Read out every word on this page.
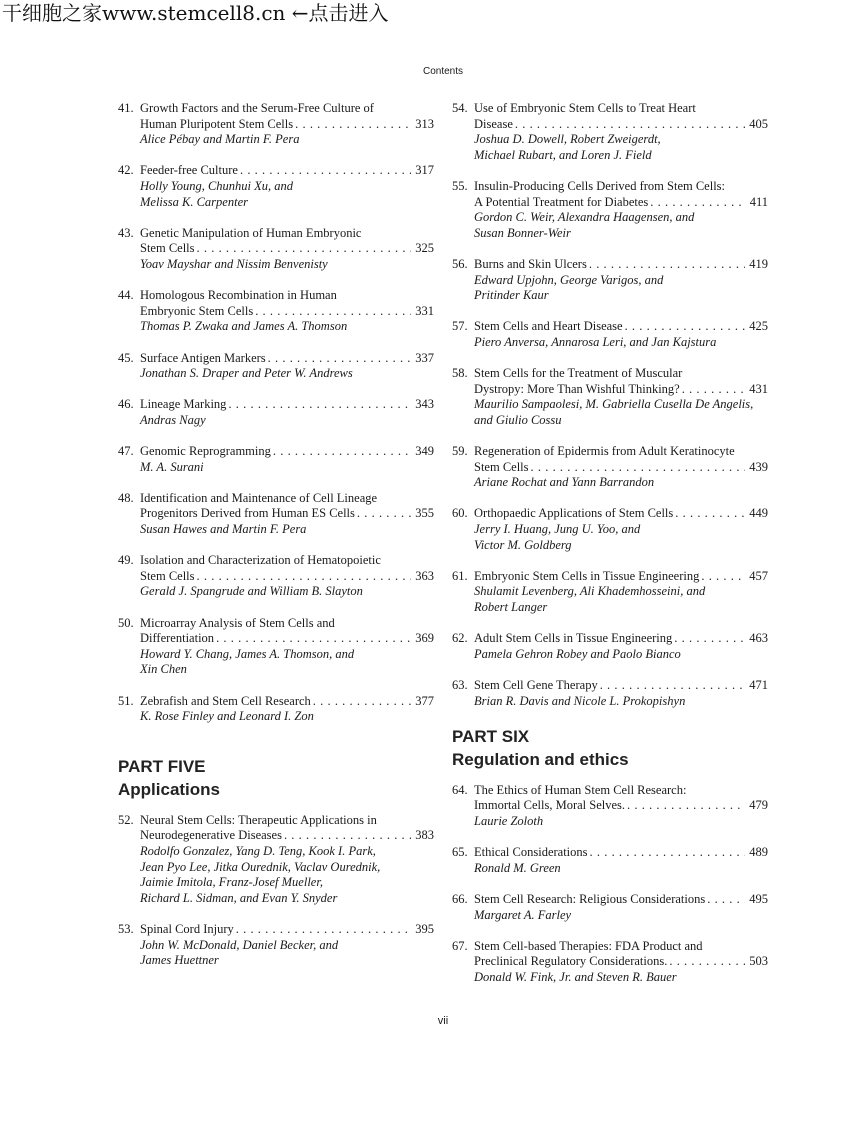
干细胞之家www.stemcell8.cn ←点击进入
Contents
41. Growth Factors and the Serum-Free Culture of
Human Pluripotent Stem Cells . . .	313
Alice Pébay and Martin F. Pera
42. Feeder-free Culture . . .	317
Holly Young, Chunhui Xu, and
Melissa K. Carpenter
43. Genetic Manipulation of Human Embryonic
Stem Cells . . .	325
Yoav Mayshar and Nissim Benvenisty
44. Homologous Recombination in Human
Embryonic Stem Cells . . .	331
Thomas P. Zwaka and James A. Thomson
45. Surface Antigen Markers . . .	337
Jonathan S. Draper and Peter W. Andrews
46. Lineage Marking . . .	343
Andras Nagy
47. Genomic Reprogramming . . .	349
M. A. Surani
48. Identification and Maintenance of Cell Lineage
Progenitors Derived from Human ES Cells . . .	355
Susan Hawes and Martin F. Pera
49. Isolation and Characterization of Hematopoietic
Stem Cells . . .	363
Gerald J. Spangrude and William B. Slayton
50. Microarray Analysis of Stem Cells and
Differentiation . . .	369
Howard Y. Chang, James A. Thomson, and
Xin Chen
51. Zebrafish and Stem Cell Research . . .	377
K. Rose Finley and Leonard I. Zon
PART FIVE
Applications
52. Neural Stem Cells: Therapeutic Applications in
Neurodegenerative Diseases . . .	383
Rodolfo Gonzalez, Yang D. Teng, Kook I. Park,
Jean Pyo Lee, Jitka Ourednik, Vaclav Ourednik,
Jaimie Imitola, Franz-Josef Mueller,
Richard L. Sidman, and Evan Y. Snyder
53. Spinal Cord Injury . . .	395
John W. McDonald, Daniel Becker, and
James Huettner
54. Use of Embryonic Stem Cells to Treat Heart
Disease . . .	405
Joshua D. Dowell, Robert Zweigerdt,
Michael Rubart, and Loren J. Field
55. Insulin-Producing Cells Derived from Stem Cells:
A Potential Treatment for Diabetes . . .	411
Gordon C. Weir, Alexandra Haagensen, and
Susan Bonner-Weir
56. Burns and Skin Ulcers . . .	419
Edward Upjohn, George Varigos, and
Pritinder Kaur
57. Stem Cells and Heart Disease . . .	425
Piero Anversa, Annarosa Leri, and Jan Kajstura
58. Stem Cells for the Treatment of Muscular
Dystropy: More Than Wishful Thinking? . . .	431
Maurilio Sampaolesi, M. Gabriella Cusella De Angelis,
and Giulio Cossu
59. Regeneration of Epidermis from Adult Keratinocyte
Stem Cells . . .	439
Ariane Rochat and Yann Barrandon
60. Orthopaedic Applications of Stem Cells . . .	449
Jerry I. Huang, Jung U. Yoo, and
Victor M. Goldberg
61. Embryonic Stem Cells in Tissue Engineering . . .	457
Shulamit Levenberg, Ali Khademhosseini, and
Robert Langer
62. Adult Stem Cells in Tissue Engineering . . .	463
Pamela Gehron Robey and Paolo Bianco
63. Stem Cell Gene Therapy . . .	471
Brian R. Davis and Nicole L. Prokopishyn
PART SIX
Regulation and ethics
64. The Ethics of Human Stem Cell Research:
Immortal Cells, Moral Selves. . . .	479
Laurie Zoloth
65. Ethical Considerations . . .	489
Ronald M. Green
66. Stem Cell Research: Religious Considerations . . .	495
Margaret A. Farley
67. Stem Cell-based Therapies: FDA Product and
Preclinical Regulatory Considerations. . . .	503
Donald W. Fink, Jr. and Steven R. Bauer
vii
